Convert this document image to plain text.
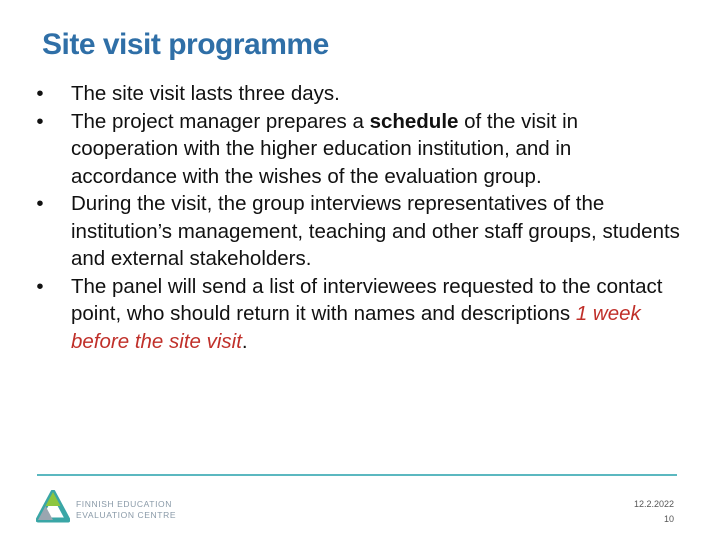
Site visit programme
•	The site visit lasts three days.
•	The project manager prepares a schedule of the visit in cooperation with the higher education institution, and in accordance with the wishes of the evaluation group.
•	During the visit, the group interviews representatives of the institution’s management, teaching and other staff groups, students and external stakeholders.
•	The panel will send a list of interviewees requested to the contact point, who should return it with names and descriptions 1 week before the site visit.
FINNISH EDUCATION
EVALUATION CENTRE
12.2.2022
10
